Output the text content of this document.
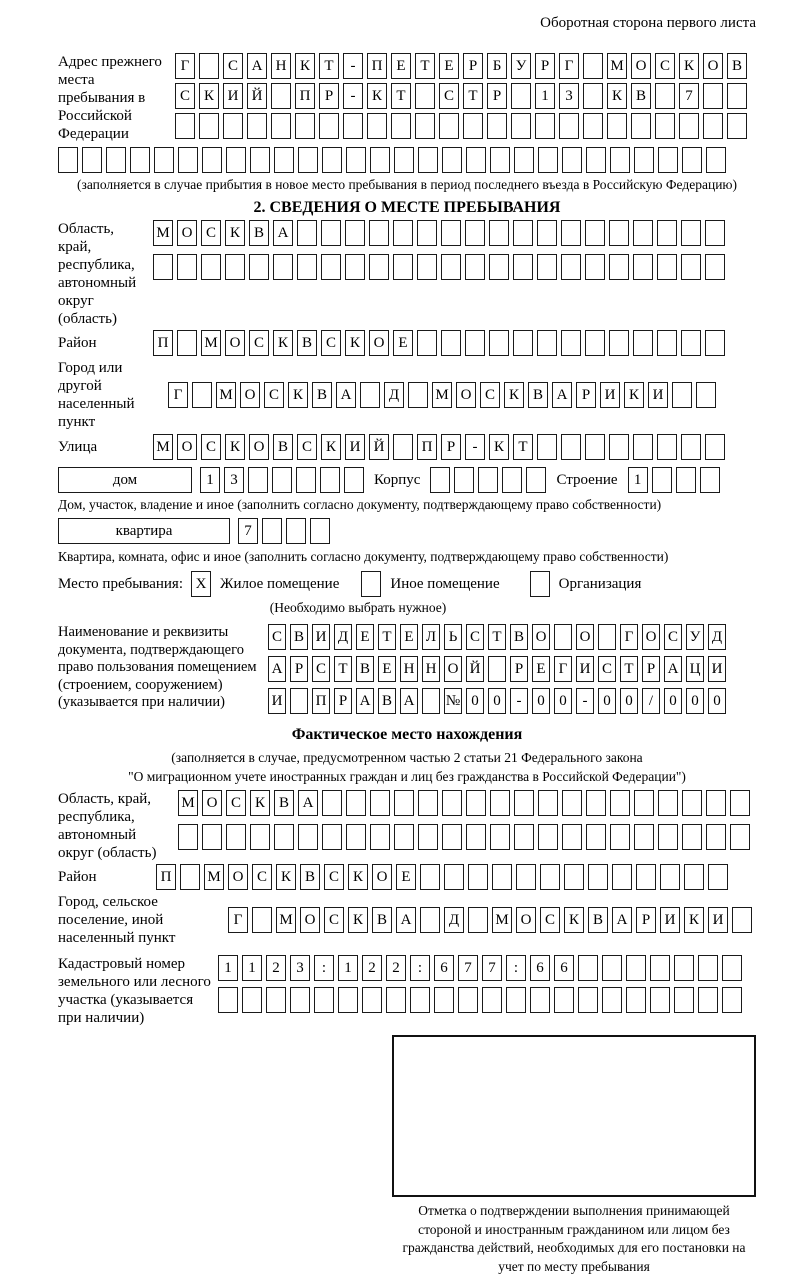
Оборотная сторона первого листа
Адрес прежнего места пребывания в Российской Федерации
Г	С А Н К Т	-	П Е Т Е	Р	Б У Р	Г	М О С К О В
С К И Й	П Р	-	К Т	С Т	Р	1	3	К В	7
(заполняется в случае прибытия в новое место пребывания в период последнего въезда в Российскую Федерацию)
2. СВЕДЕНИЯ О МЕСТЕ ПРЕБЫВАНИЯ
Область, край, республика, автономный округ (область)
М О С К В А
Район	П	М О С К В С К О Е
Город или другой населенный пункт
Г	М О С К В А	Д	М О С К В А Р И К И
Улица	М О С К О В С К И Й	П Р	-	К Т
дом	1	3	Корпус	Строение	1
Дом, участок, владение и иное (заполнить согласно документу, подтверждающему право собственности)
квартира	7
Квартира, комната, офис и иное (заполнить согласно документу, подтверждающему право собственности)
Место пребывания: X Жилое помещение	Иное помещение	Организация
(Необходимо выбрать нужное)
Наименование и реквизиты документа, подтверждающего право пользования помещением (строением, сооружением) (указывается при наличии)
С В И Д Е Т Е Л Ь С Т В О О	Г О С У Д
А Р С Т В Е Н Н О Й	Р Е Г И С Т Р А Ц И
И П Р А В А № 0 0	-	0 0	-	0 0	/	0 0 0
Фактическое место нахождения
(заполняется в случае, предусмотренном частью 2 статьи 21 Федерального закона
"О миграционном учете иностранных граждан и лиц без гражданства в Российской Федерации")
Область, край, республика, автономный округ (область)
М О С К В А
Район	П	М О С К В С К О Е
Город, сельское поселение, иной населенный пункт
Г	М О С К В А	Д	М О С К В А Р И К И
Кадастровый номер земельного или лесного участка (указывается при наличии)
1	1	2	3	:	1	2	2	:	6	7	7	:	6	6
Отметка о подтверждении выполнения принимающей стороной и иностранным гражданином или лицом без гражданства действий, необходимых для его постановки на учет по месту пребывания
